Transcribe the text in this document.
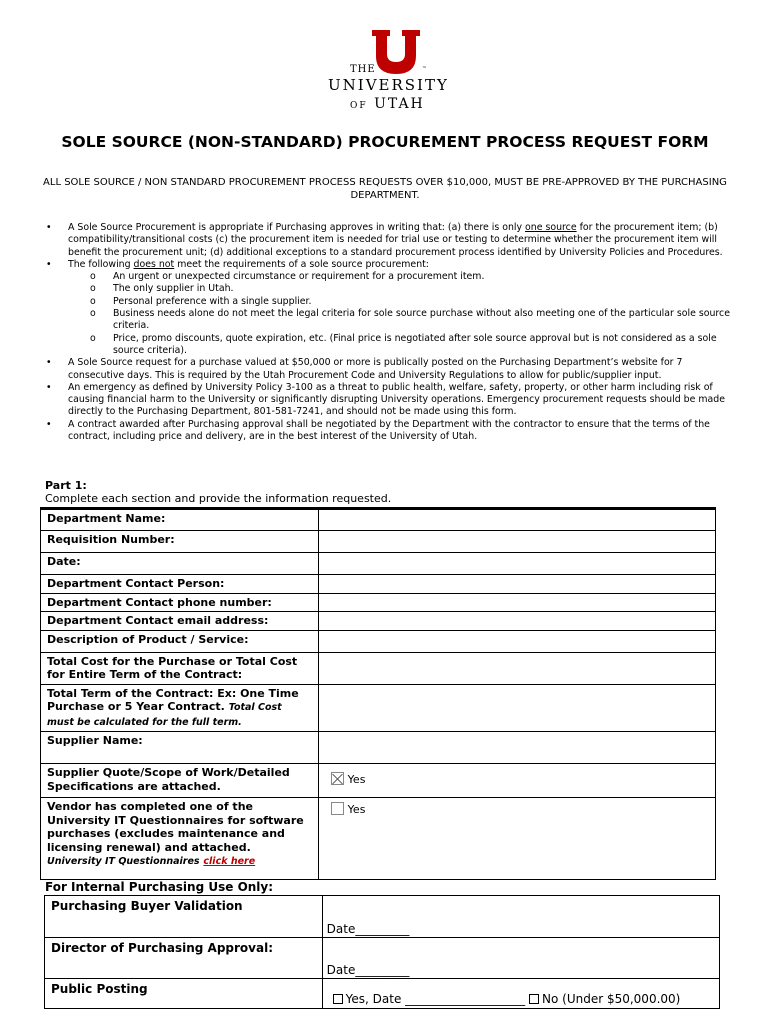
THE	™
UNIVERSITY
OF UTAH
SOLE SOURCE (NON-STANDARD) PROCUREMENT PROCESS REQUEST FORM
ALL SOLE SOURCE / NON STANDARD PROCUREMENT PROCESS REQUESTS OVER $10,000, MUST BE PRE-APPROVED BY THE PURCHASING DEPARTMENT.
• A Sole Source Procurement is appropriate if Purchasing approves in writing that: (a) there is only one source for the procurement item; (b) compatibility/transitional costs (c) the procurement item is needed for trial use or testing to determine whether the procurement item will benefit the procurement unit; (d) additional exceptions to a standard procurement process identified by University Policies and Procedures.
• The following does not meet the requirements of a sole source procurement:
o An urgent or unexpected circumstance or requirement for a procurement item.
o The only supplier in Utah.
o Personal preference with a single supplier.
o Business needs alone do not meet the legal criteria for sole source purchase without also meeting one of the particular sole source criteria.
o Price, promo discounts, quote expiration, etc. (Final price is negotiated after sole source approval but is not considered as a sole source criteria).
• A Sole Source request for a purchase valued at $50,000 or more is publically posted on the Purchasing Department’s website for 7 consecutive days. This is required by the Utah Procurement Code and University Regulations to allow for public/supplier input.
• An emergency as defined by University Policy 3-100 as a threat to public health, welfare, safety, property, or other harm including risk of causing financial harm to the University or significantly disrupting University operations. Emergency procurement requests should be made directly to the Purchasing Department, 801-581-7241, and should not be made using this form.
• A contract awarded after Purchasing approval shall be negotiated by the Department with the contractor to ensure that the terms of the contract, including price and delivery, are in the best interest of the University of Utah.
Part 1:
Complete each section and provide the information requested.
Department Name:	
Requisition Number:	
Date:	
Department Contact Person:	
Department Contact phone number:	
Department Contact email address:	
Description of Product / Service:	
Total Cost for the Purchase or Total Cost for Entire Term of the Contract:	
Total Term of the Contract: Ex: One Time Purchase or 5 Year Contract. Total Cost must be calculated for the full term.	
Supplier Name:	
Supplier Quote/Scope of Work/Detailed Specifications are attached.	Yes

Vendor has completed one of the University IT Questionnaires for software purchases (excludes maintenance and licensing renewal) and attached.
University IT Questionnaires click here	Yes
For Internal Purchasing Use Only:
Purchasing Buyer Validation	Date_________

Director of Purchasing Approval:	Date_________

Public Posting	Yes, Date ____________________ No (Under $50,000.00)
